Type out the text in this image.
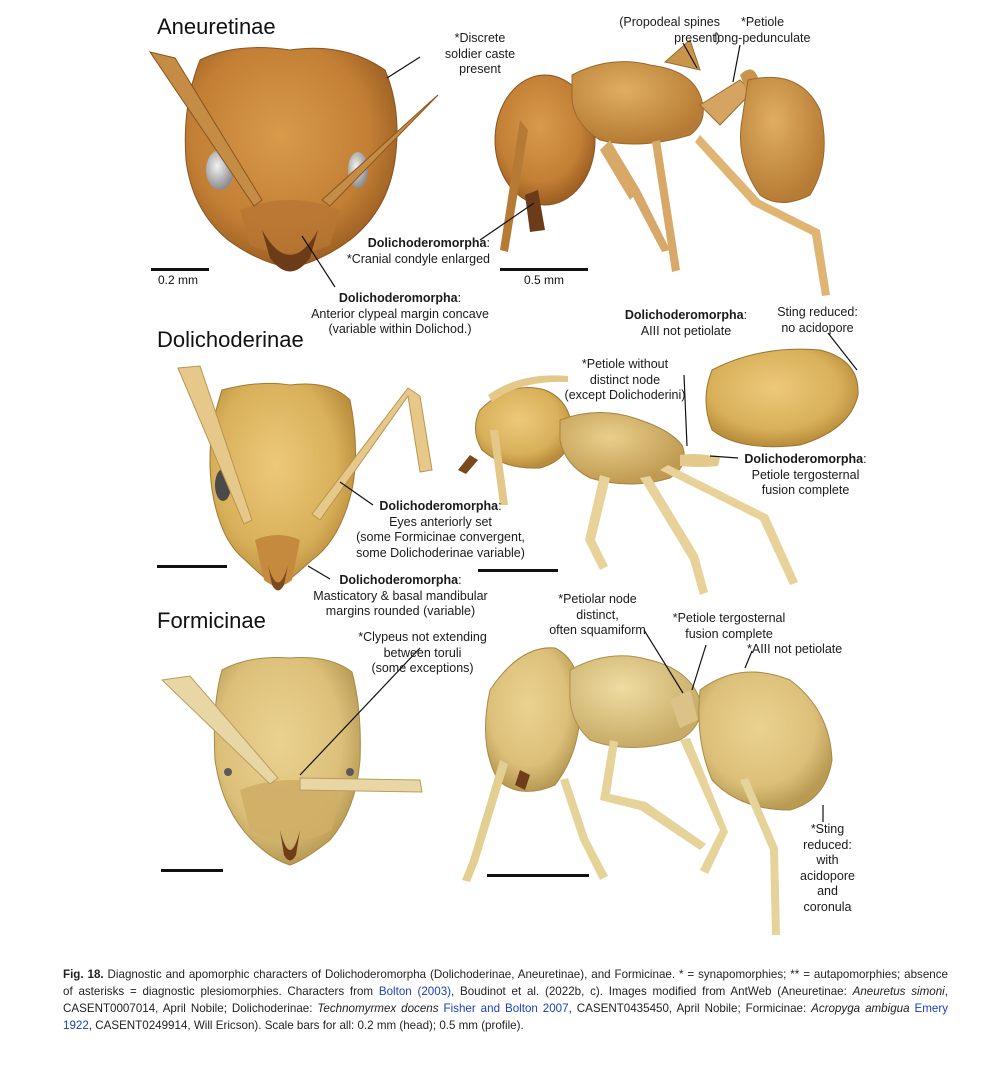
Aneuretinae
Dolichoderinae
Formicinae
*Discrete
soldier caste
present
(Propodeal spines
present)
*Petiole
long-pedunculate
Dolichoderomorpha:
*Cranial condyle enlarged
Dolichoderomorpha:
Anterior clypeal margin concave
(variable within Dolichod.)
Dolichoderomorpha:
AIII not petiolate
Sting reduced:
no acidopore
*Petiole without
distinct node
(except Dolichoderini)
Dolichoderomorpha:
Petiole tergosternal
fusion complete
Dolichoderomorpha:
Eyes anteriorly set
(some Formicinae convergent,
some Dolichoderinae variable)
Dolichoderomorpha:
Masticatory & basal mandibular
margins rounded (variable)
*Petiolar node
distinct,
often squamiform
*Petiole tergosternal
fusion complete
*AIII not petiolate
*Clypeus not extending
between toruli
(some exceptions)
*Sting
reduced:
with
acidopore
and
coronula
0.2 mm	0.5 mm
Fig. 18. Diagnostic and apomorphic characters of Dolichoderomorpha (Dolichoderinae, Aneuretinae), and Formicinae. * = synapomorphies; ** = autapomorphies; absence of asterisks = diagnostic plesiomorphies. Characters from Bolton (2003), Boudinot et al. (2022b, c). Images modified from AntWeb (Aneuretinae: Aneuretus simoni, CASENT0007014, April Nobile; Dolichoderinae: Technomyrmex docens Fisher and Bolton 2007, CASENT0435450, April Nobile; Formicinae: Acropyga ambigua Emery 1922, CASENT0249914, Will Ericson). Scale bars for all: 0.2 mm (head); 0.5 mm (profile).
